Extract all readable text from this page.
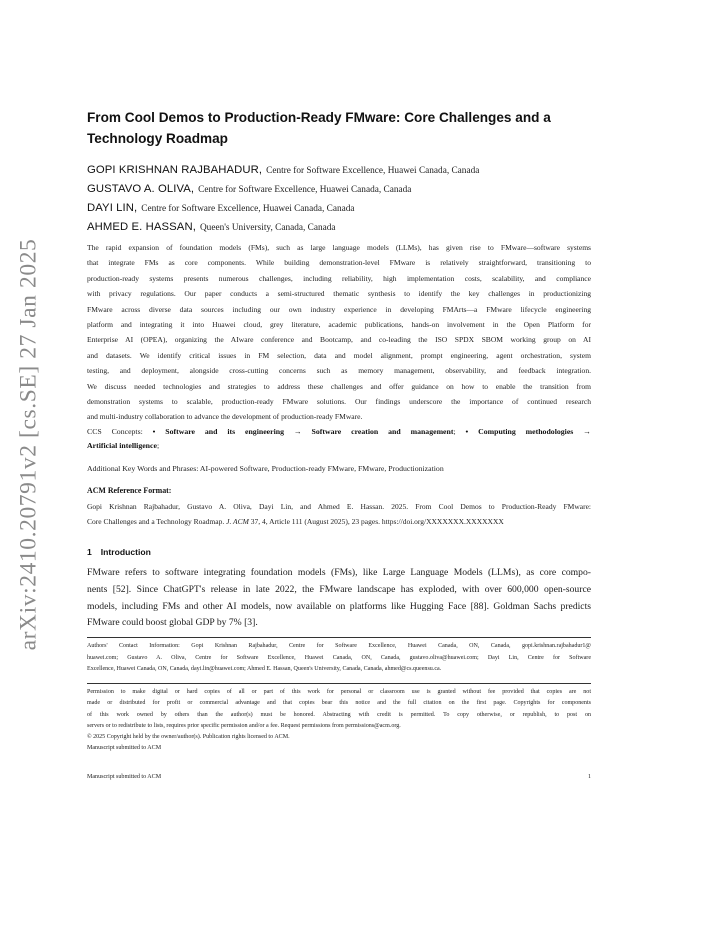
arXiv:2410.20791v2 [cs.SE] 27 Jan 2025
From Cool Demos to Production-Ready FMware: Core Challenges and a Technology Roadmap
GOPI KRISHNAN RAJBAHADUR, Centre for Software Excellence, Huawei Canada, Canada
GUSTAVO A. OLIVA, Centre for Software Excellence, Huawei Canada, Canada
DAYI LIN, Centre for Software Excellence, Huawei Canada, Canada
AHMED E. HASSAN, Queen's University, Canada, Canada
The rapid expansion of foundation models (FMs), such as large language models (LLMs), has given rise to FMware—software systems
that integrate FMs as core components. While building demonstration-level FMware is relatively straightforward, transitioning to
production-ready systems presents numerous challenges, including reliability, high implementation costs, scalability, and compliance
with privacy regulations. Our paper conducts a semi-structured thematic synthesis to identify the key challenges in productionizing
FMware across diverse data sources including our own industry experience in developing FMArts—a FMware lifecycle engineering
platform and integrating it into Huawei cloud, grey literature, academic publications, hands-on involvement in the Open Platform for
Enterprise AI (OPEA), organizing the AIware conference and Bootcamp, and co-leading the ISO SPDX SBOM working group on AI
and datasets. We identify critical issues in FM selection, data and model alignment, prompt engineering, agent orchestration, system
testing, and deployment, alongside cross-cutting concerns such as memory management, observability, and feedback integration.
We discuss needed technologies and strategies to address these challenges and offer guidance on how to enable the transition from
demonstration systems to scalable, production-ready FMware solutions. Our findings underscore the importance of continued research
and multi-industry collaboration to advance the development of production-ready FMware.
CCS Concepts: • Software and its engineering → Software creation and management; • Computing methodologies →
Artificial intelligence;
Additional Key Words and Phrases: AI-powered Software, Production-ready FMware, FMware, Productionization
ACM Reference Format:
Gopi Krishnan Rajbahadur, Gustavo A. Oliva, Dayi Lin, and Ahmed E. Hassan. 2025. From Cool Demos to Production-Ready FMware:
Core Challenges and a Technology Roadmap. J. ACM 37, 4, Article 111 (August 2025), 23 pages. https://doi.org/XXXXXXX.XXXXXXX
1 Introduction
FMware refers to software integrating foundation models (FMs), like Large Language Models (LLMs), as core compo-
nents [52]. Since ChatGPT's release in late 2022, the FMware landscape has exploded, with over 600,000 open-source
models, including FMs and other AI models, now available on platforms like Hugging Face [88]. Goldman Sachs predicts
FMware could boost global GDP by 7% [3].
Authors' Contact Information: Gopi Krishnan Rajbahadur, Centre for Software Excellence, Huawei Canada, ON, Canada, gopi.krishnan.rajbahadur1@
huawei.com; Gustavo A. Oliva, Centre for Software Excellence, Huawei Canada, ON, Canada, gustavo.oliva@huawei.com; Dayi Lin, Centre for Software
Excellence, Huawei Canada, ON, Canada, dayi.lin@huawei.com; Ahmed E. Hassan, Queen's University, Canada, Canada, ahmed@cs.queensu.ca.
Permission to make digital or hard copies of all or part of this work for personal or classroom use is granted without fee provided that copies are not
made or distributed for profit or commercial advantage and that copies bear this notice and the full citation on the first page. Copyrights for components
of this work owned by others than the author(s) must be honored. Abstracting with credit is permitted. To copy otherwise, or republish, to post on
servers or to redistribute to lists, requires prior specific permission and/or a fee. Request permissions from permissions@acm.org.
© 2025 Copyright held by the owner/author(s). Publication rights licensed to ACM.
Manuscript submitted to ACM
Manuscript submitted to ACM	1
